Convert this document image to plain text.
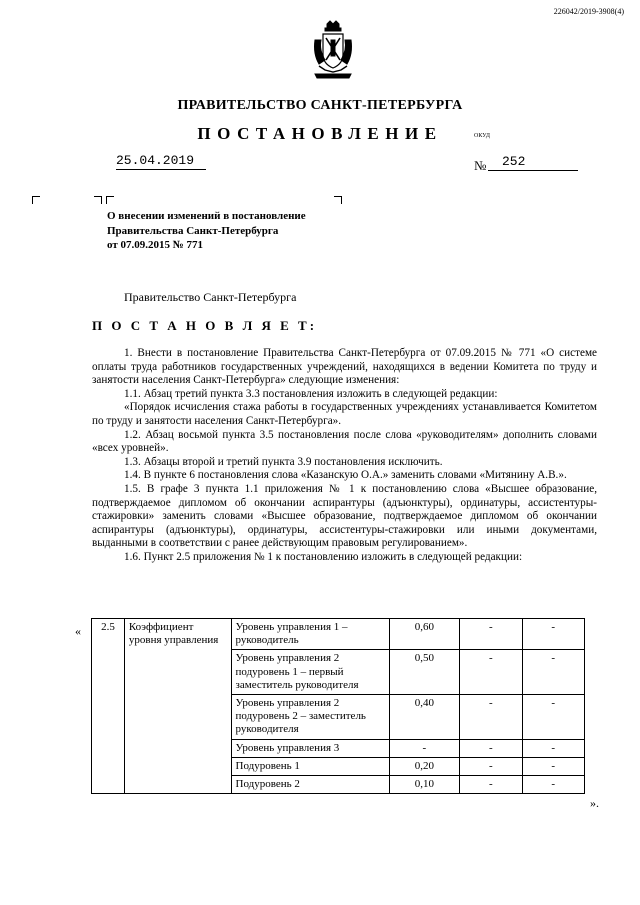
226042/2019-3908(4)
ПРАВИТЕЛЬСТВО САНКТ-ПЕТЕРБУРГА
ПОСТАНОВЛЕНИЕ	ОКУД
25.04.2019	№	252
О внесении изменений в постановление
Правительства Санкт-Петербурга
от 07.09.2015 № 771
Правительство Санкт-Петербурга
П О С Т А Н О В Л Я Е Т:

1. Внести в постановление Правительства Санкт-Петербурга от 07.09.2015 № 771 «О системе оплаты труда работников государственных учреждений, находящихся в ведении Комитета по труду и занятости населения Санкт-Петербурга» следующие изменения:

1.1. Абзац третий пункта 3.3 постановления изложить в следующей редакции:

«Порядок исчисления стажа работы в государственных учреждениях устанавливается Комитетом по труду и занятости населения Санкт-Петербурга».

1.2. Абзац восьмой пункта 3.5 постановления после слова «руководителям» дополнить словами «всех уровней».

1.3. Абзацы второй и третий пункта 3.9 постановления исключить.

1.4. В пункте 6 постановления слова «Казанскую О.А.» заменить словами «Митянину А.В.».

1.5. В графе 3 пункта 1.1 приложения № 1 к постановлению слова «Высшее образование, подтверждаемое дипломом об окончании аспирантуры (адъюнктуры), ординатуры, ассистентуры-стажировки» заменить словами «Высшее образование, подтверждаемое дипломом об окончании аспирантуры (адъюнктуры), ординатуры, ассистентуры-стажировки или иными документами, выданными в соответствии с ранее действующим правовым регулированием».

1.6. Пункт 2.5 приложения № 1 к постановлению изложить в следующей редакции:

« 2.5	Коэффициент уровня управления	Уровень управления 1 – руководитель	0,60	-	-
		Уровень управления 2 подуровень 1 – первый заместитель руководителя	0,50	-	-
		Уровень управления 2 подуровень 2 – заместитель руководителя	0,40	-	-
		Уровень управления 3	-	-	-
		Подуровень 1	0,20	-	-
		Подуровень 2	0,10	-	-
».
